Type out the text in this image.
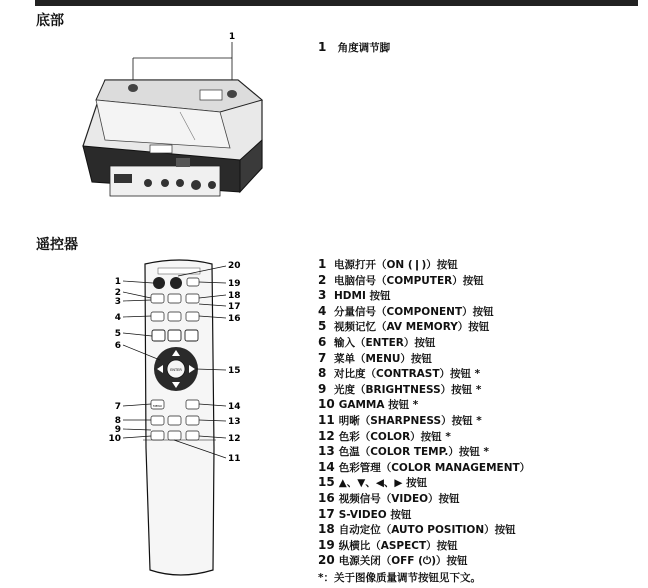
底部
遥控器
1
1 角度调节脚
ENTER
MENU
1
2
3
4
5
6
7
8
9
10
20
19
18
17
16
15
14
13
12
11
1 电源打开（ON (❙)）按钮
2 电脑信号（COMPUTER）按钮
3 HDMI 按钮
4 分量信号（COMPONENT）按钮
5 视频记忆（AV MEMORY）按钮
6 输入（ENTER）按钮
7 菜单（MENU）按钮
8 对比度（CONTRAST）按钮 *
9 光度（BRIGHTNESS）按钮 *
10 GAMMA 按钮 *
11 明晰（SHARPNESS）按钮 *
12 色彩（COLOR）按钮 *
13 色温（COLOR TEMP.）按钮 *
14 色彩管理（COLOR MANAGEMENT）
15 ▲、▼、◀、▶ 按钮
16 视频信号（VIDEO）按钮
17 S-VIDEO 按钮
18 自动定位（AUTO POSITION）按钮
19 纵横比（ASPECT）按钮
20 电源关闭（OFF (⏻)）按钮
*：关于图像质量调节按钮见下文。
